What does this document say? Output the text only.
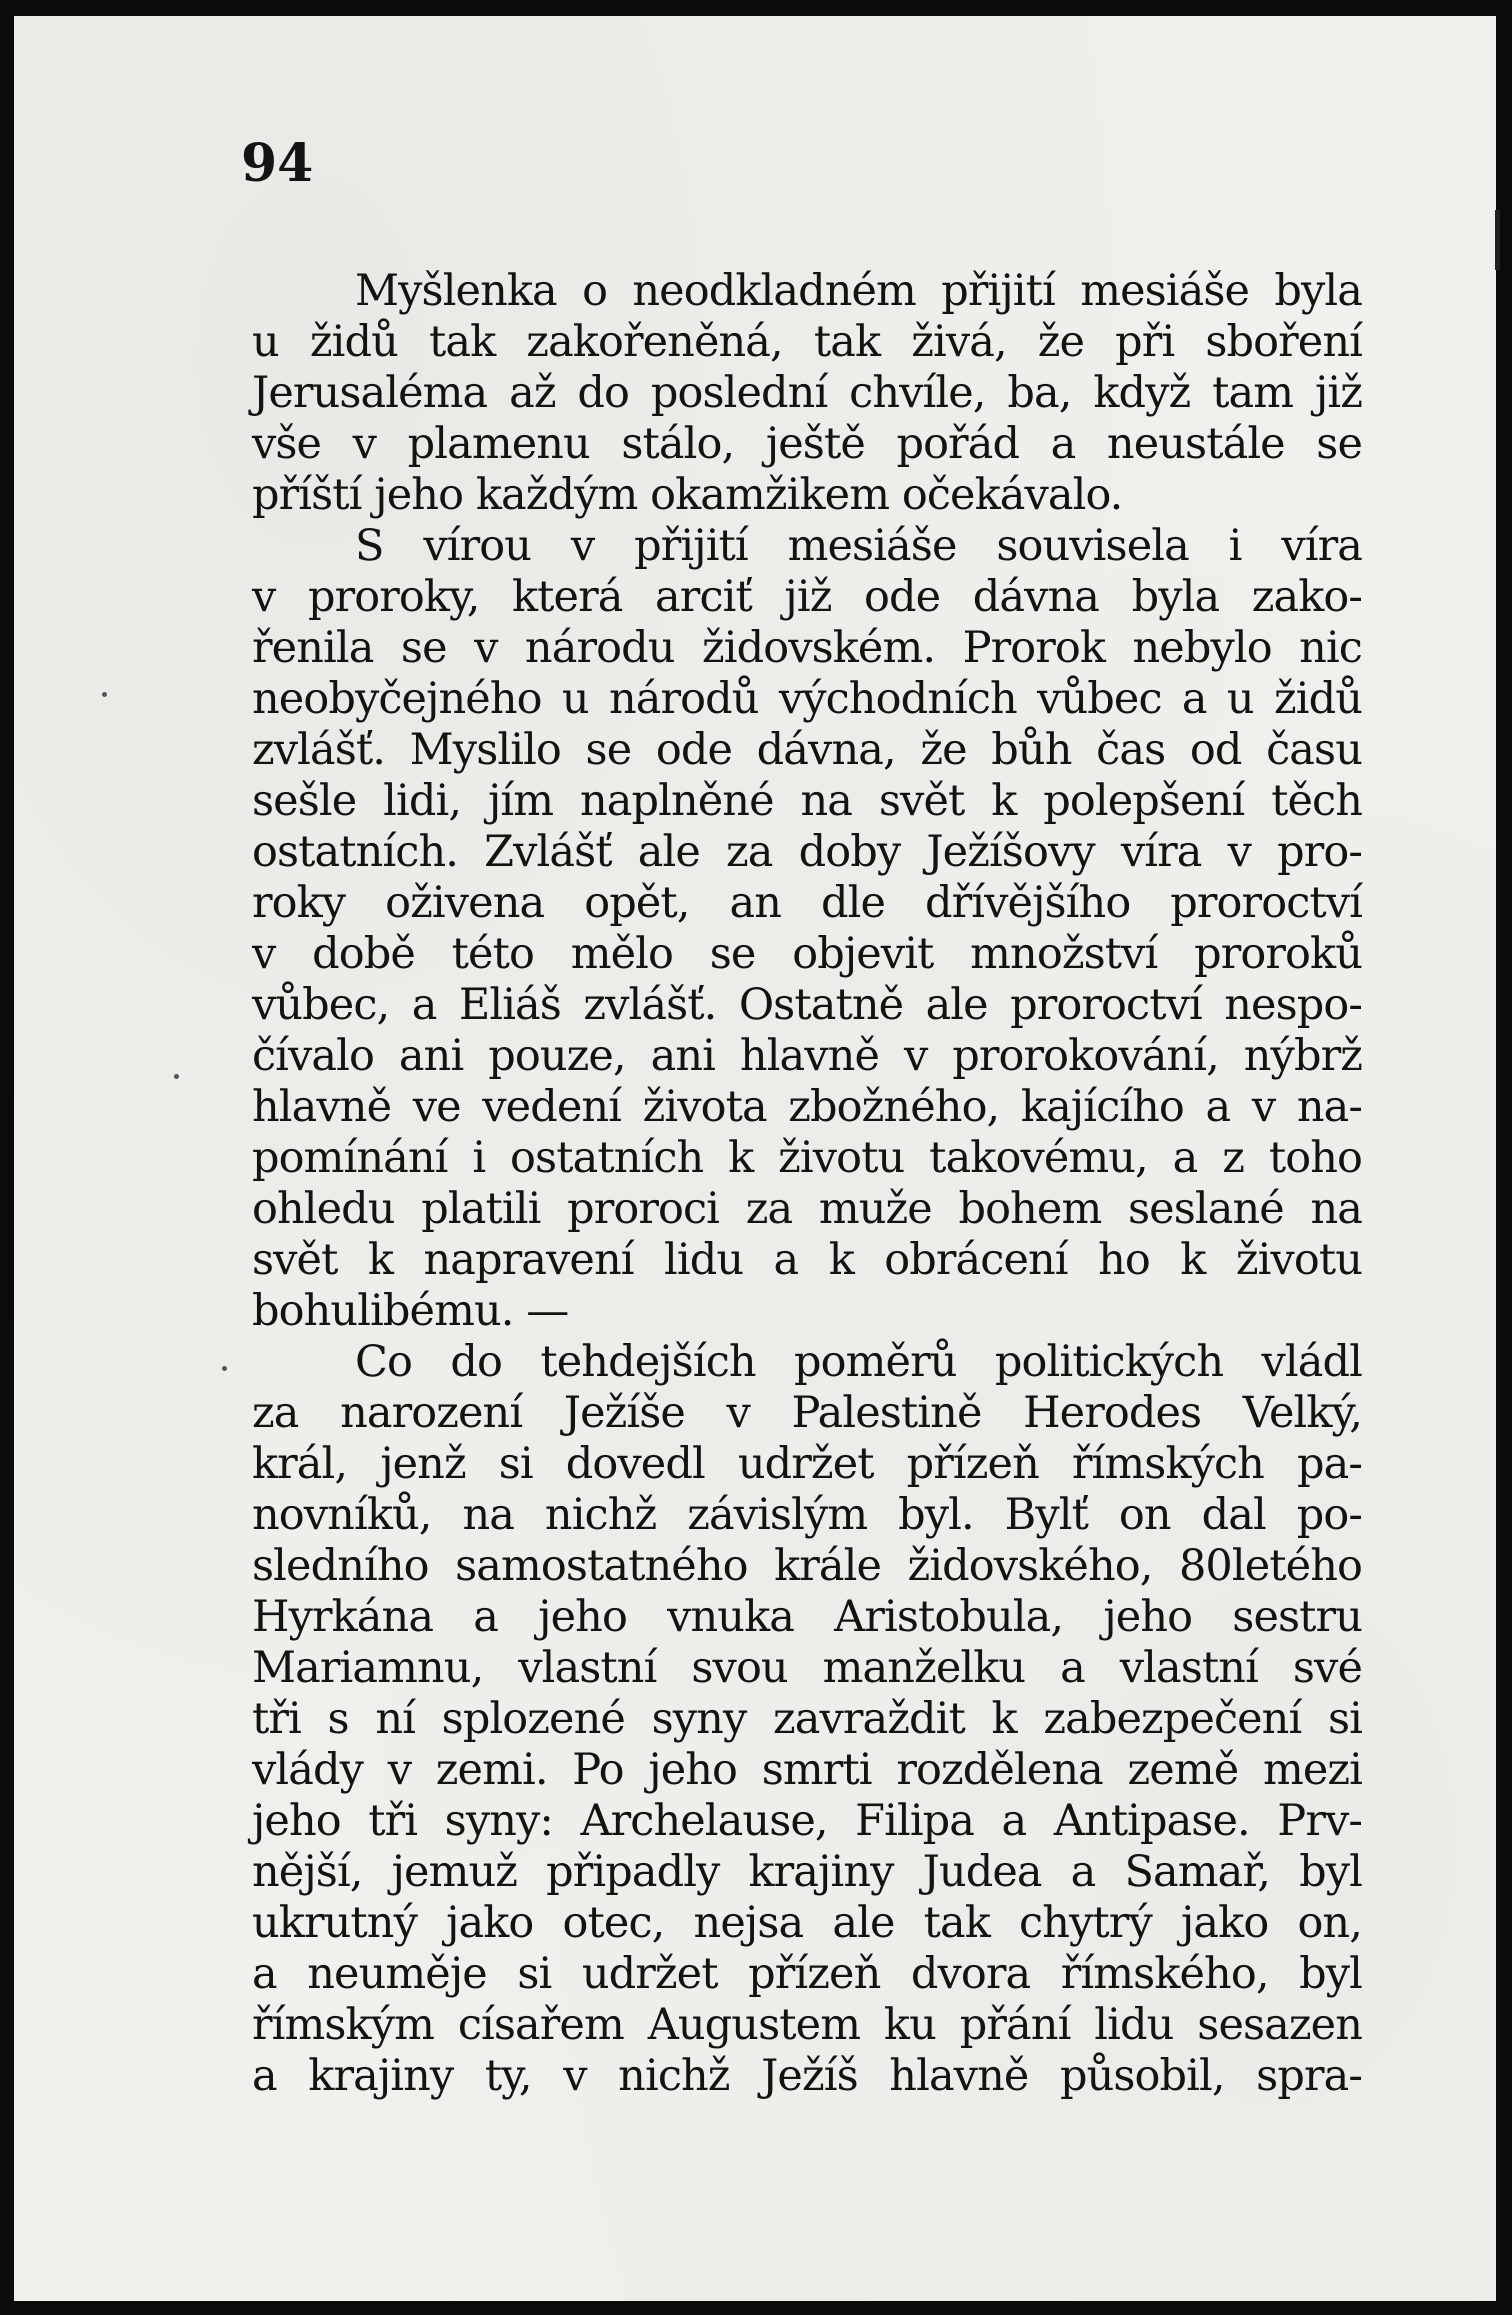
94
Myšlenka o neodkladném přijití mesiáše byla
u židů tak zakořeněná, tak živá, že při sboření
Jerusaléma až do poslední chvíle, ba, když tam již
vše v plamenu stálo, ještě pořád a neustále se
příští jeho každým okamžikem očekávalo.
S vírou v přijití mesiáše souvisela i víra
v proroky, která arciť již ode dávna byla zako-
řenila se v národu židovském. Prorok nebylo nic
neobyčejného u národů východních vůbec a u židů
zvlášť. Myslilo se ode dávna, že bůh čas od času
sešle lidi, jím naplněné na svět k polepšení těch
ostatních. Zvlášť ale za doby Ježíšovy víra v pro-
roky oživena opět, an dle dřívějšího proroctví
v době této mělo se objevit množství proroků
vůbec, a Eliáš zvlášť. Ostatně ale proroctví nespo-
čívalo ani pouze, ani hlavně v prorokování, nýbrž
hlavně ve vedení života zbožného, kajícího a v na-
pomínání i ostatních k životu takovému, a z toho
ohledu platili proroci za muže bohem seslané na
svět k napravení lidu a k obrácení ho k životu
bohulibému. —
Co do tehdejších poměrů politických vládl
za narození Ježíše v Palestině Herodes Velký,
král, jenž si dovedl udržet přízeň římských pa-
novníků, na nichž závislým byl. Bylť on dal po-
sledního samostatného krále židovského, 80letého
Hyrkána a jeho vnuka Aristobula, jeho sestru
Mariamnu, vlastní svou manželku a vlastní své
tři s ní splozené syny zavraždit k zabezpečení si
vlády v zemi. Po jeho smrti rozdělena země mezi
jeho tři syny: Archelause, Filipa a Antipase. Prv-
nější, jemuž připadly krajiny Judea a Samař, byl
ukrutný jako otec, nejsa ale tak chytrý jako on,
a neuměje si udržet přízeň dvora římského, byl
římským císařem Augustem ku přání lidu sesazen
a krajiny ty, v nichž Ježíš hlavně působil, spra-
